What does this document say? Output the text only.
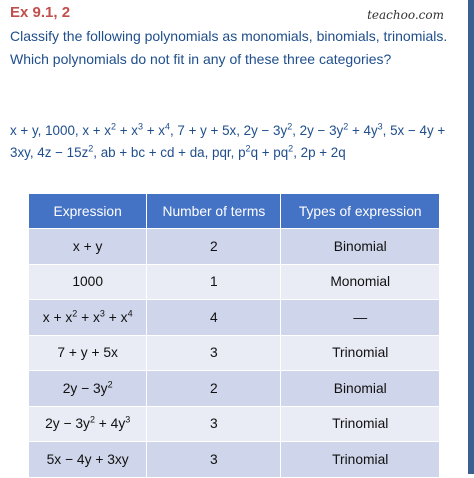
Ex 9.1, 2	teachoo.com

Classify the following polynomials as monomials, binomials, trinomials. Which polynomials do not fit in any of these three categories?

x + y, 1000, $x + x^2 + x^3 + x^4$, 7 + y + 5x, $2y - 3y^2$, $2y - 3y^2 + 4y^3$, 5x − 4y + 3xy, $4z - 15z^2$, ab + bc + cd + da, pqr, $p^2q + pq^2$, 2p + 2q
Expression	Number of terms	Types of expression
x + y	2	Binomial
1000	1	Monomial
$x + x^2 + x^3 + x^4$	4	—
7 + y + 5x	3	Trinomial
$2y - 3y^2$	2	Binomial
$2y - 3y^2 + 4y^3$	3	Trinomial
5x − 4y + 3xy	3	Trinomial
